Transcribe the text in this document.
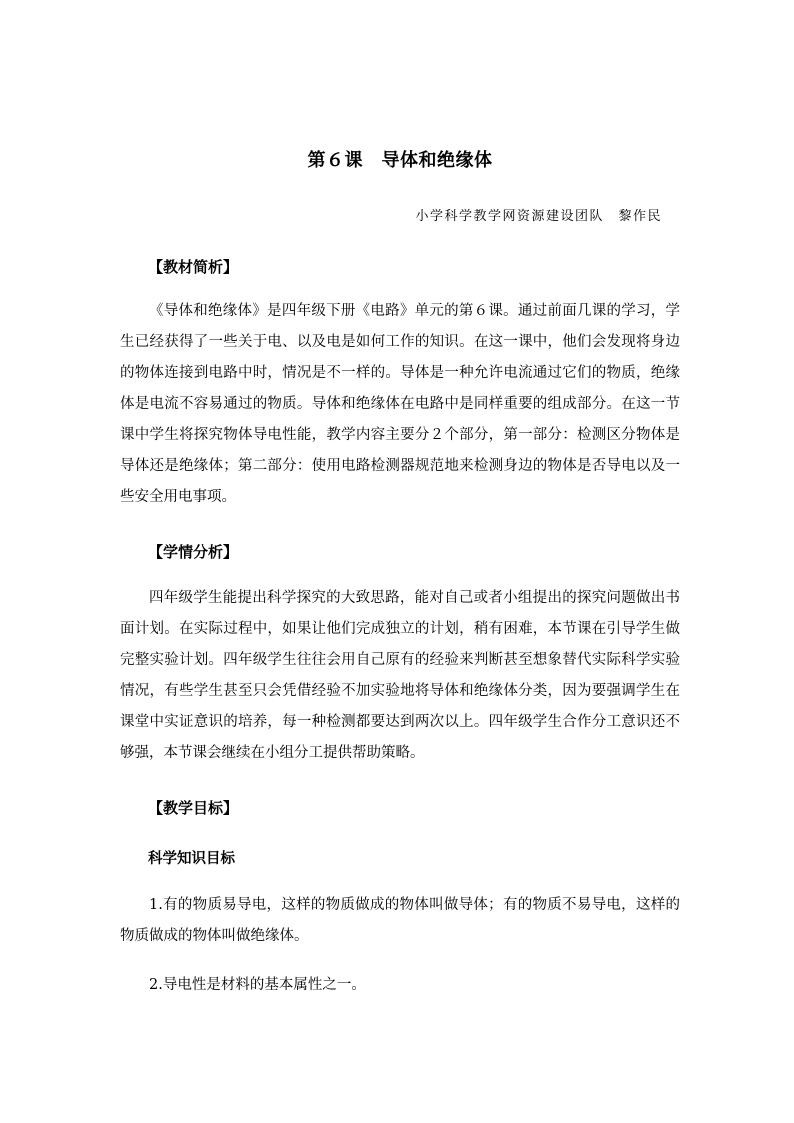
第６课　导体和绝缘体
小学科学教学网资源建设团队　黎作民
【教材简析】
《导体和绝缘体》是四年级下册《电路》单元的第６课。通过前面几课的学习，学生已经获得了一些关于电、以及电是如何工作的知识。在这一课中，他们会发现将身边的物体连接到电路中时，情况是不一样的。导体是一种允许电流通过它们的物质，绝缘体是电流不容易通过的物质。导体和绝缘体在电路中是同样重要的组成部分。在这一节课中学生将探究物体导电性能，教学内容主要分２个部分，第一部分：检测区分物体是导体还是绝缘体；第二部分：使用电路检测器规范地来检测身边的物体是否导电以及一些安全用电事项。
【学情分析】
四年级学生能提出科学探究的大致思路，能对自己或者小组提出的探究问题做出书面计划。在实际过程中，如果让他们完成独立的计划，稍有困难，本节课在引导学生做完整实验计划。四年级学生往往会用自己原有的经验来判断甚至想象替代实际科学实验情况，有些学生甚至只会凭借经验不加实验地将导体和绝缘体分类，因为要强调学生在课堂中实证意识的培养，每一种检测都要达到两次以上。四年级学生合作分工意识还不够强，本节课会继续在小组分工提供帮助策略。
【教学目标】
科学知识目标
1.有的物质易导电，这样的物质做成的物体叫做导体；有的物质不易导电，这样的物质做成的物体叫做绝缘体。
2.导电性是材料的基本属性之一。
